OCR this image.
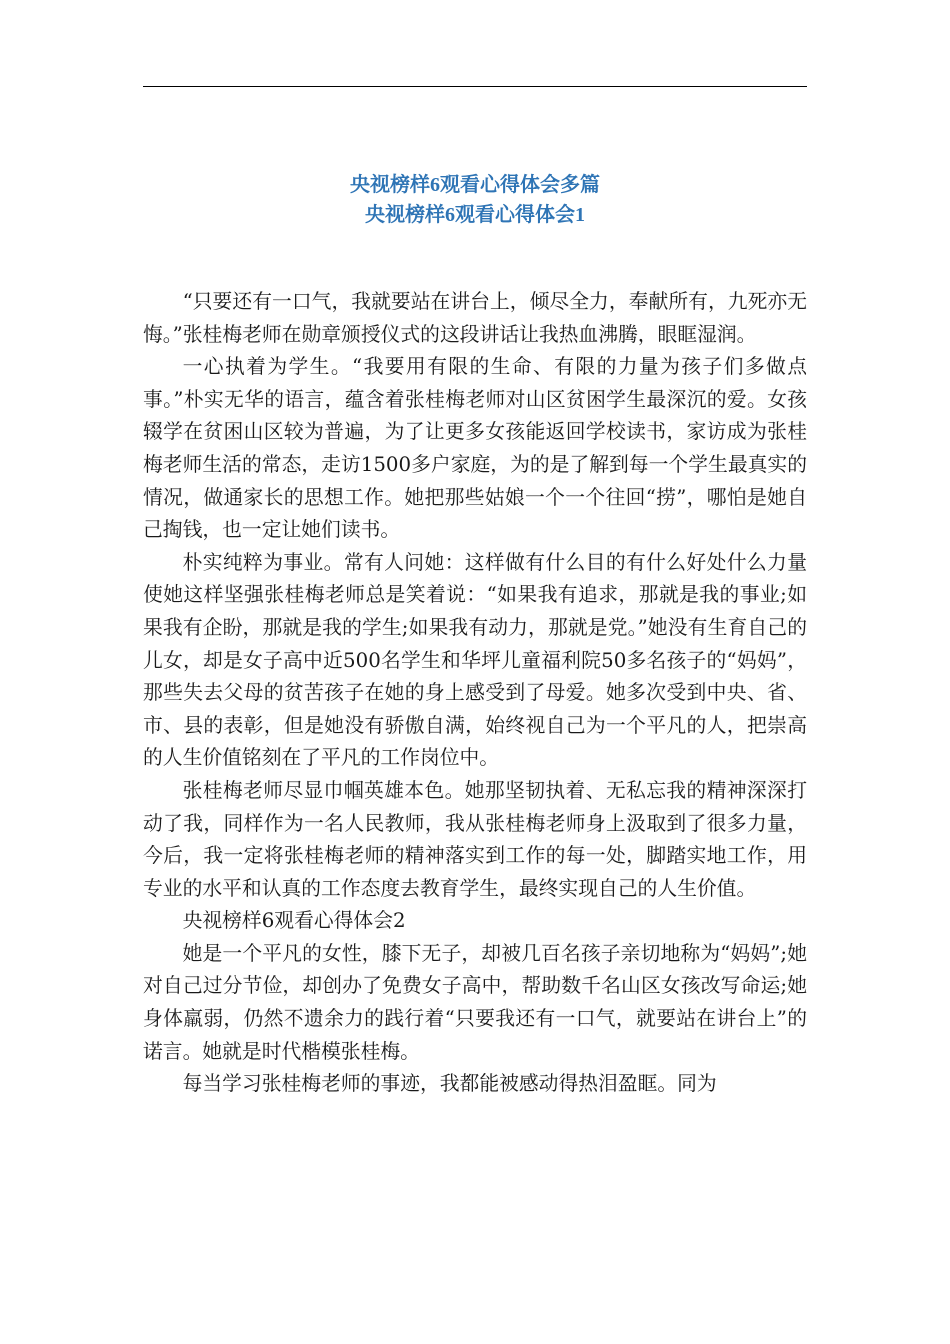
央视榜样6观看心得体会多篇
央视榜样6观看心得体会1

“只要还有一口气，我就要站在讲台上，倾尽全力，奉献所有，九死亦无悔。”张桂梅老师在勋章颁授仪式的这段讲话让我热血沸腾，眼眶湿润。

一心执着为学生。“我要用有限的生命、有限的力量为孩子们多做点事。”朴实无华的语言，蕴含着张桂梅老师对山区贫困学生最深沉的爱。女孩辍学在贫困山区较为普遍，为了让更多女孩能返回学校读书，家访成为张桂梅老师生活的常态，走访1500多户家庭，为的是了解到每一个学生最真实的情况，做通家长的思想工作。她把那些姑娘一个一个往回“捞”，哪怕是她自己掏钱，也一定让她们读书。

朴实纯粹为事业。常有人问她：这样做有什么目的有什么好处什么力量使她这样坚强张桂梅老师总是笑着说：“如果我有追求，那就是我的事业;如果我有企盼，那就是我的学生;如果我有动力，那就是党。”她没有生育自己的儿女，却是女子高中近500名学生和华坪儿童福利院50多名孩子的“妈妈”，那些失去父母的贫苦孩子在她的身上感受到了母爱。她多次受到中央、省、市、县的表彰，但是她没有骄傲自满，始终视自己为一个平凡的人，把崇高的人生价值铭刻在了平凡的工作岗位中。

张桂梅老师尽显巾帼英雄本色。她那坚韧执着、无私忘我的精神深深打动了我，同样作为一名人民教师，我从张桂梅老师身上汲取到了很多力量，今后，我一定将张桂梅老师的精神落实到工作的每一处，脚踏实地工作，用专业的水平和认真的工作态度去教育学生，最终实现自己的人生价值。

央视榜样6观看心得体会2

她是一个平凡的女性，膝下无子，却被几百名孩子亲切地称为“妈妈”;她对自己过分节俭，却创办了免费女子高中，帮助数千名山区女孩改写命运;她身体羸弱，仍然不遗余力的践行着“只要我还有一口气，就要站在讲台上”的诺言。她就是时代楷模张桂梅。

每当学习张桂梅老师的事迹，我都能被感动得热泪盈眶。同为
